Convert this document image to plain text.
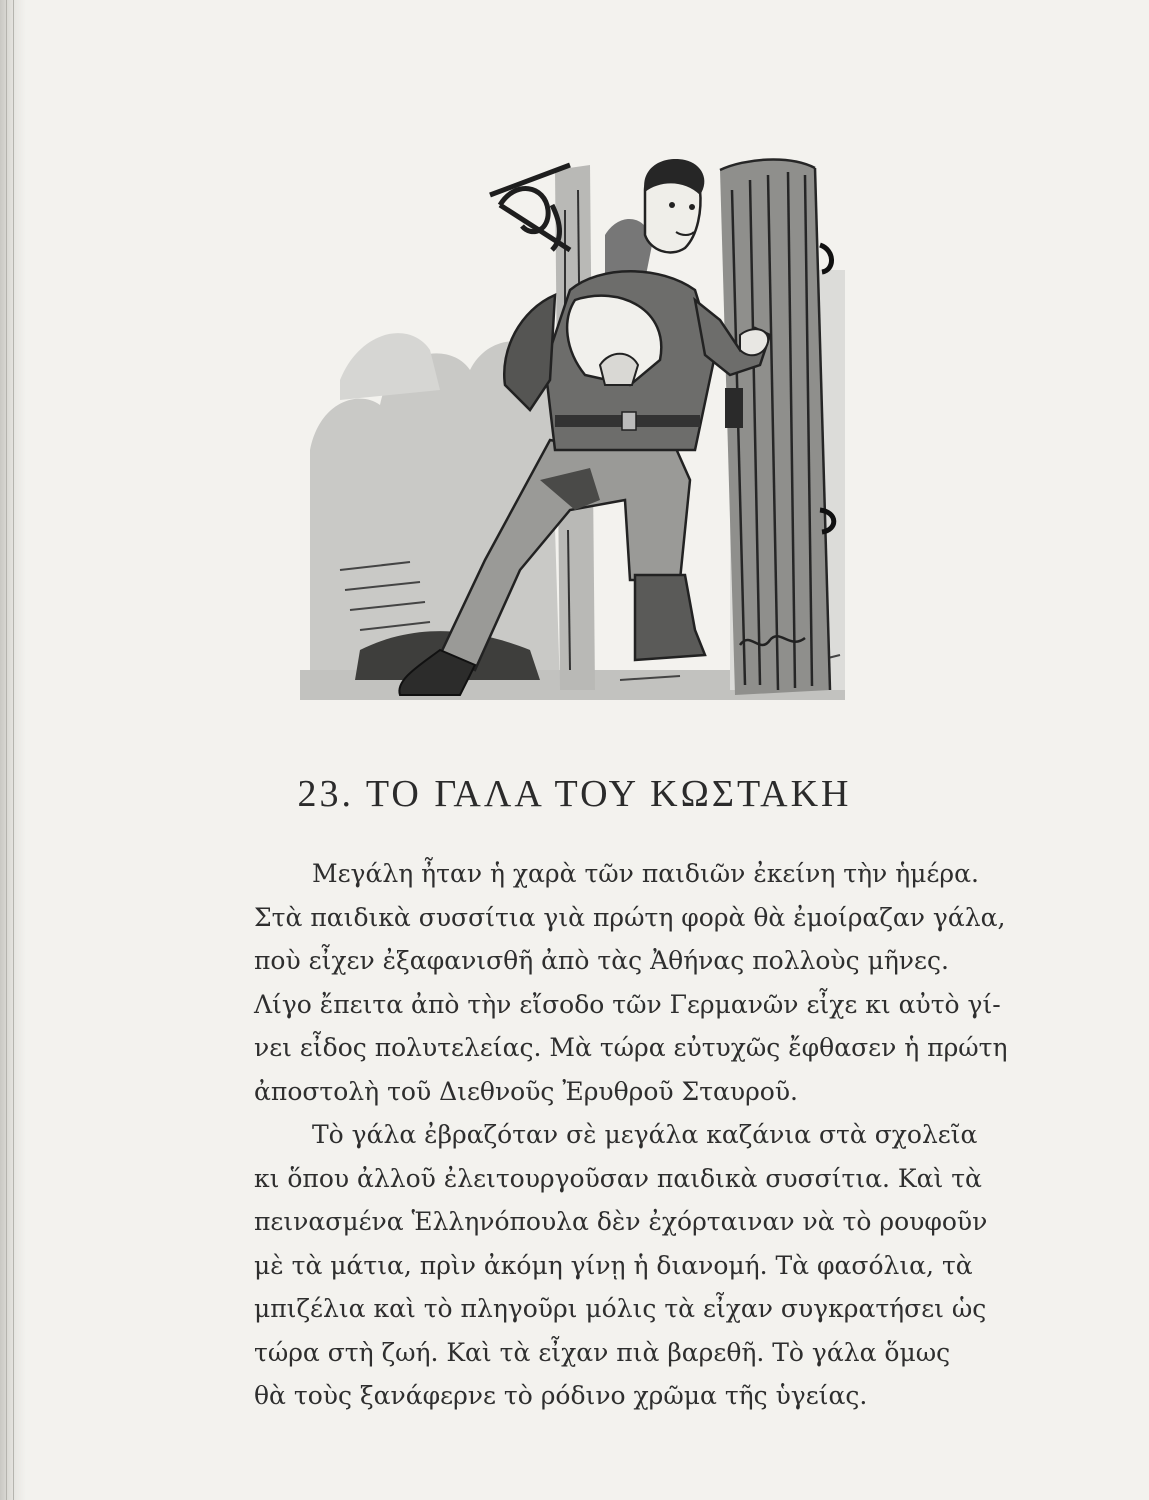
23. ΤΟ ΓΑΛΑ ΤΟΥ ΚΩΣΤΑΚΗ
Μεγάλη ἦταν ἡ χαρὰ τῶν παιδιῶν ἐκείνη τὴν ἡμέρα.
Στὰ παιδικὰ συσσίτια γιὰ πρώτη φορὰ θὰ ἐμοίραζαν γάλα,
ποὺ εἶχεν ἐξαφανισθῆ ἀπὸ τὰς Ἀθήνας πολλοὺς μῆνες.
Λίγο ἔπειτα ἀπὸ τὴν εἴσοδο τῶν Γερμανῶν εἶχε κι αὐτὸ γί-
νει εἶδος πολυτελείας. Μὰ τώρα εὐτυχῶς ἔφθασεν ἡ πρώτη
ἀποστολὴ τοῦ Διεθνοῦς Ἐρυθροῦ Σταυροῦ.
Τὸ γάλα ἐβραζόταν σὲ μεγάλα καζάνια στὰ σχολεῖα
κι ὅπου ἀλλοῦ ἐλειτουργοῦσαν παιδικὰ συσσίτια. Καὶ τὰ
πεινασμένα Ἑλληνόπουλα δὲν ἐχόρταιναν νὰ τὸ ρουφοῦν
μὲ τὰ μάτια, πρὶν ἀκόμη γίνῃ ἡ διανομή. Τὰ φασόλια, τὰ
μπιζέλια καὶ τὸ πληγοῦρι μόλις τὰ εἶχαν συγκρατήσει ὡς
τώρα στὴ ζωή. Καὶ τὰ εἶχαν πιὰ βαρεθῆ. Τὸ γάλα ὅμως
θὰ τοὺς ξανάφερνε τὸ ρόδινο χρῶμα τῆς ὑγείας.
